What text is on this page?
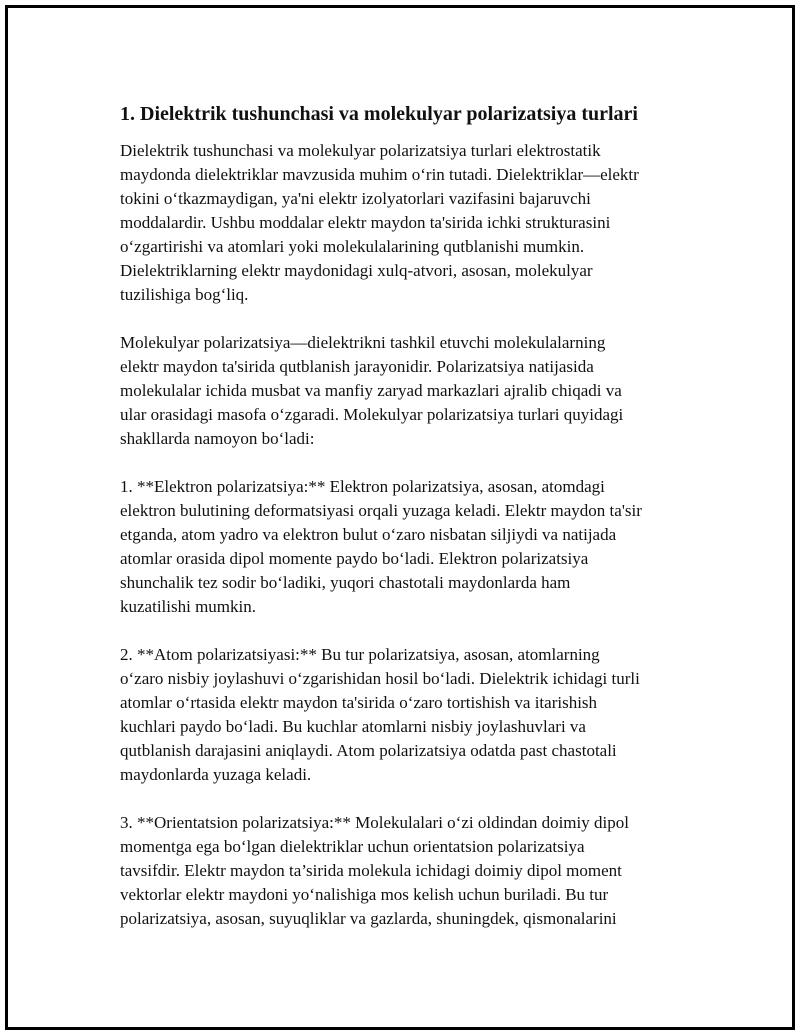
1. Dielektrik tushunchasi va molekulyar polarizatsiya turlari

Dielektrik tushunchasi va molekulyar polarizatsiya turlari elektrostatik
maydonda dielektriklar mavzusida muhim o‘rin tutadi. Dielektriklar—elektr
tokini o‘tkazmaydigan, ya'ni elektr izolyatorlari vazifasini bajaruvchi
moddalardir. Ushbu moddalar elektr maydon ta'sirida ichki strukturasini
o‘zgartirishi va atomlari yoki molekulalarining qutblanishi mumkin.
Dielektriklarning elektr maydonidagi xulq-atvori, asosan, molekulyar
tuzilishiga bog‘liq.

Molekulyar polarizatsiya—dielektrikni tashkil etuvchi molekulalarning
elektr maydon ta'sirida qutblanish jarayonidir. Polarizatsiya natijasida
molekulalar ichida musbat va manfiy zaryad markazlari ajralib chiqadi va
ular orasidagi masofa o‘zgaradi. Molekulyar polarizatsiya turlari quyidagi
shakllarda namoyon bo‘ladi:

1. **Elektron polarizatsiya:** Elektron polarizatsiya, asosan, atomdagi
elektron bulutining deformatsiyasi orqali yuzaga keladi. Elektr maydon ta'sir
etganda, atom yadro va elektron bulut o‘zaro nisbatan siljiydi va natijada
atomlar orasida dipol momente paydo bo‘ladi. Elektron polarizatsiya
shunchalik tez sodir bo‘ladiki, yuqori chastotali maydonlarda ham
kuzatilishi mumkin.

2. **Atom polarizatsiyasi:** Bu tur polarizatsiya, asosan, atomlarning
o‘zaro nisbiy joylashuvi o‘zgarishidan hosil bo‘ladi. Dielektrik ichidagi turli
atomlar o‘rtasida elektr maydon ta'sirida o‘zaro tortishish va itarishish
kuchlari paydo bo‘ladi. Bu kuchlar atomlarni nisbiy joylashuvlari va
qutblanish darajasini aniqlaydi. Atom polarizatsiya odatda past chastotali
maydonlarda yuzaga keladi.

3. **Orientatsion polarizatsiya:** Molekulalari o‘zi oldindan doimiy dipol
momentga ega bo‘lgan dielektriklar uchun orientatsion polarizatsiya
tavsifdir. Elektr maydon ta’sirida molekula ichidagi doimiy dipol moment
vektorlar elektr maydoni yo‘nalishiga mos kelish uchun buriladi. Bu tur
polarizatsiya, asosan, suyuqliklar va gazlarda, shuningdek, qismonalarini
